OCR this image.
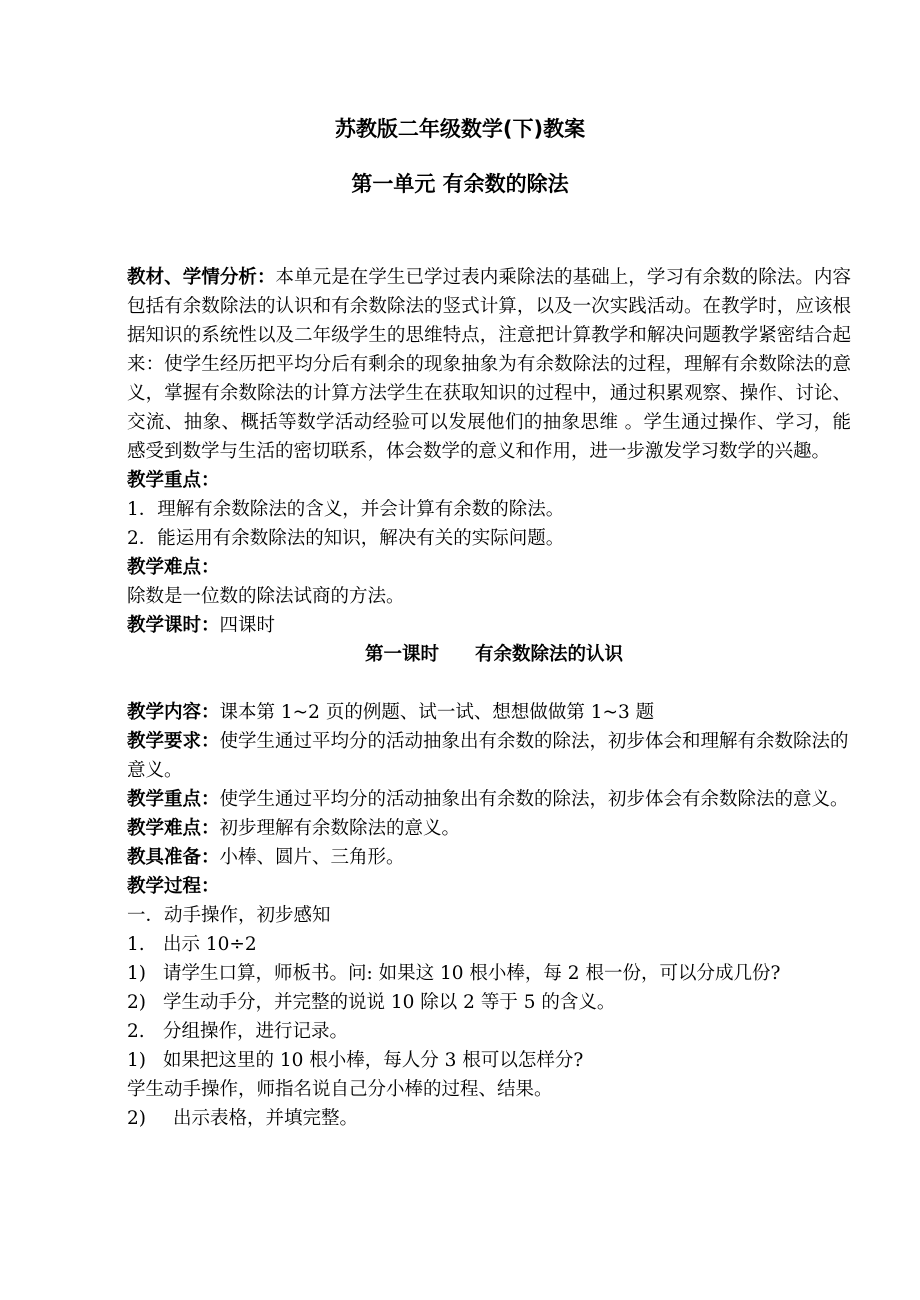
苏教版二年级数学(下)教案
第一单元 有余数的除法

教材、学情分析：本单元是在学生已学过表内乘除法的基础上，学习有余数的除法。内容包括有余数除法的认识和有余数除法的竖式计算，以及一次实践活动。在教学时，应该根据知识的系统性以及二年级学生的思维特点，注意把计算教学和解决问题教学紧密结合起来：使学生经历把平均分后有剩余的现象抽象为有余数除法的过程，理解有余数除法的意义，掌握有余数除法的计算方法学生在获取知识的过程中，通过积累观察、操作、讨论、交流、抽象、概括等数学活动经验可以发展他们的抽象思维 。学生通过操作、学习，能感受到数学与生活的密切联系，体会数学的意义和作用，进一步激发学习数学的兴趣。

教学重点：

1．理解有余数除法的含义，并会计算有余数的除法。

2．能运用有余数除法的知识，解决有关的实际问题。

教学难点：

除数是一位数的除法试商的方法。

教学课时：四课时

第一课时 有余数除法的认识

教学内容：课本第 1~2 页的例题、试一试、想想做做第 1~3 题

教学要求：使学生通过平均分的活动抽象出有余数的除法，初步体会和理解有余数除法的意义。

教学重点：使学生通过平均分的活动抽象出有余数的除法，初步体会有余数除法的意义。

教学难点：初步理解有余数除法的意义。

教具准备：小棒、圆片、三角形。

教学过程：

一．动手操作，初步感知

1. 出示 10÷2

1) 请学生口算，师板书。问: 如果这 10 根小棒，每 2 根一份，可以分成几份?

2) 学生动手分，并完整的说说 10 除以 2 等于 5 的含义。

2. 分组操作，进行记录。

1) 如果把这里的 10 根小棒，每人分 3 根可以怎样分?

学生动手操作，师指名说自己分小棒的过程、结果。

2) 出示表格，并填完整。
